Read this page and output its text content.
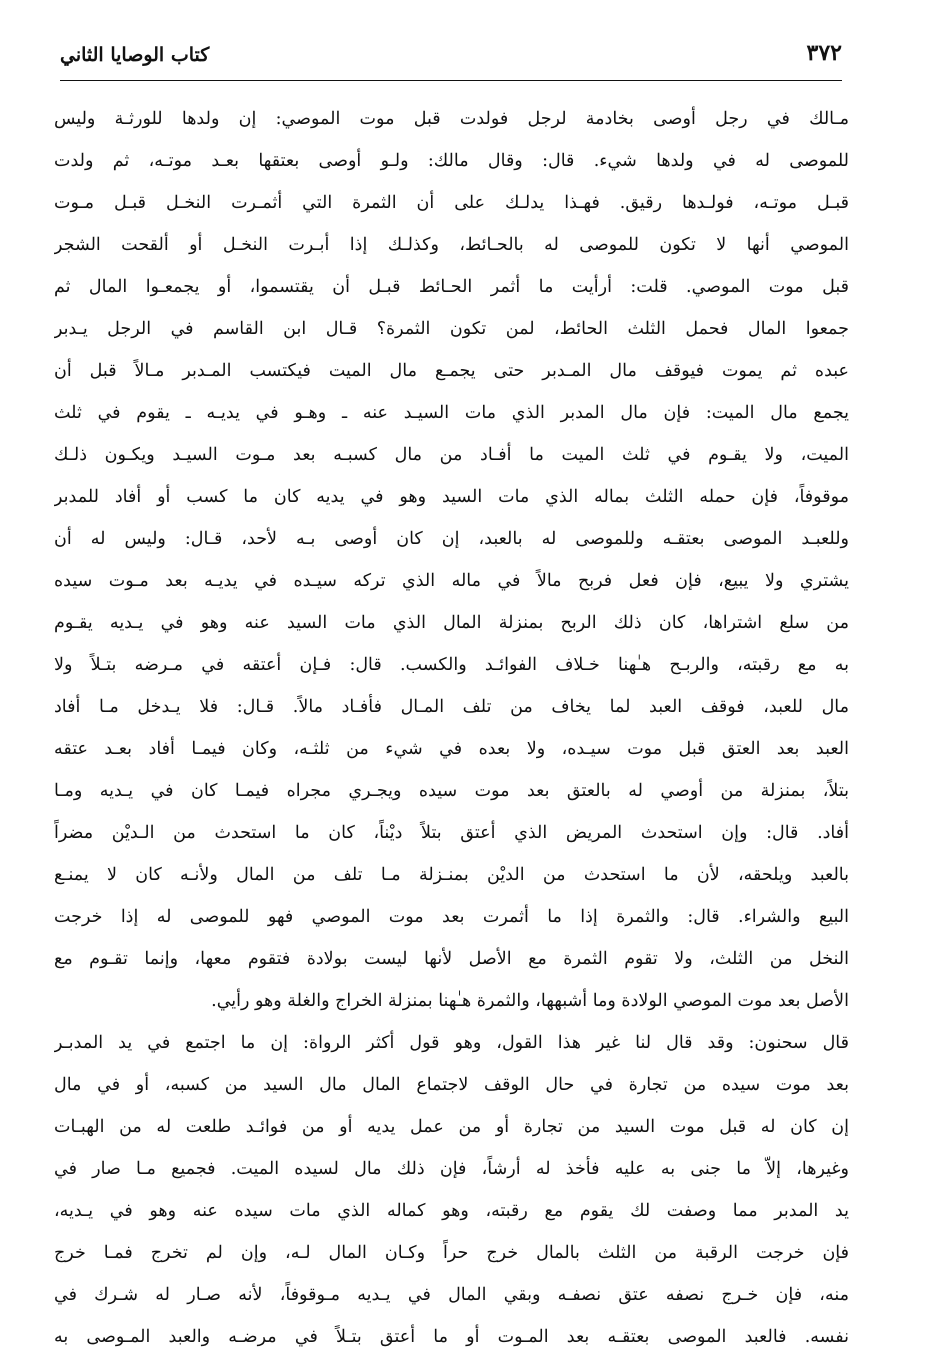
٣٧٢
كتاب الوصايا الثاني
مـالك في رجل أوصى بخادمة لرجل فولدت قبل موت الموصي: إن ولدها للورثـة وليس
للموصى له في ولدها شيء. قال: وقال مالك: ولـو أوصى بعتقها بعـد موتـه، ثم ولدت
قبـل موتـه، فولـدها رقيق. فهـذا يدلـك على أن الثمرة التي أثمـرت النخـل قبـل مـوت
الموصي أنها لا تكون للموصى له بالحـائط، وكذلـك إذا أبـرت النخـل أو ألقحت الشجر
قبل موت الموصي. قلت: أرأيت ما أثمر الحـائط قبـل أن يقتسموا، أو يجمعـوا المال ثم
جمعوا المال فحمل الثلث الحائط، لمن تكون الثمرة؟ قـال ابن القاسم في الرجل يـدبر
عبده ثم يموت فيوقف مال المـدبر حتى يجمـع مال الميت فيكتسب المـدبر مـالاً قبل أن
يجمع مال الميت: فإن مال المدبر الذي مات السيـد عنه ـ وهـو في يديـه ـ يقوم في ثلث
الميت، ولا يقـوم في ثلث الميت ما أفـاد من مال كسبـه بعد مـوت السيـد ويكـون ذلـك
موقوفاً، فإن حمله الثلث بماله الذي مات السيد وهو في يديه كان ما كسب أو أفاد للمدبر
وللعبـد الموصى بعتقـه وللموصى له بالعبد، إن كان أوصى بـه لأحد، قـال: وليس له أن
يشتري ولا يبيع، فإن فعل فربح مالاً في ماله الذي تركه سيـده في يديـه بعد مـوت سيده
من سلع اشتراها، كان ذلك الربح بمنزلة المال الذي مات السيد عنه وهو في يـديه يقـوم
به مع رقبته، والربـح هـٰهنا خـلاف الفوائـد والكسب. قال: فـإن أعتقه في مـرضه بتـلاً ولا
مال للعبد، فوقف العبد لما يخاف من تلف المـال فأفـاد مالاً. قـال: فلا يـدخل مـا أفاد
العبد بعد العتق قبل موت سيـده، ولا بعده في شيء من ثلثـه، وكان فيمـا أفاد بعـد عتقه
بتلاً، بمنزلة من أوصي له بالعتق بعد موت سيده ويجـري مجراه فيمـا كان في يـديه ومـا
أفاد. قال: وإن استحدث المريض الذي أعتق بتلاً ديْناً، كان ما استحدث من الـديْن مضراً
بالعبد ويلحقه، لأن ما استحدث من الديْن بمنـزلة مـا تلف من المال ولأنـه كان لا يمنـع
البيع والشراء. قال: والثمرة إذا ما أثمرت بعد موت الموصي فهو للموصى له إذا خرجت
النخل من الثلث، ولا تقوم الثمرة مع الأصل لأنها ليست بولادة فتقوم معها، وإنما تقـوم مع
الأصل بعد موت الموصي الولادة وما أشبهها، والثمرة هـٰهنا بمنزلة الخراج والغلة وهو رأيي.
قال سحنون: وقد قال لنا غير هذا القول، وهو قول أكثر الرواة: إن ما اجتمع في يد المدبـر
بعد موت سيده من تجارة في حال الوقف لاجتماع المال مال السيد من كسبه، أو في مال
إن كان له قبل موت السيد من تجارة أو من عمل يديه أو من فوائـد طلعت له من الهبـات
وغيرها، إلاّ ما جنى به عليه فأخذ له أرشاً، فإن ذلك مال لسيده الميت. فجميع مـا صار في
يد المدبر مما وصفت لك يقوم مع رقبته، وهو كماله الذي مات سيده عنه وهو في يـديه،
فإن خرجت الرقبة من الثلث بالمال خرج حراً وكـان المال لـه، وإن لم تخرج فمـا خرج
منه، فإن خـرج نصفه عتق نصفـه وبقي المال في يـديه مـوقوفاً، لأنه صـار له شـرك في
نفسه. فالعبد الموصى بعتقـه بعد المـوت أو ما أعتق بتـلاً في مرضـه والعبد المـوصى به
